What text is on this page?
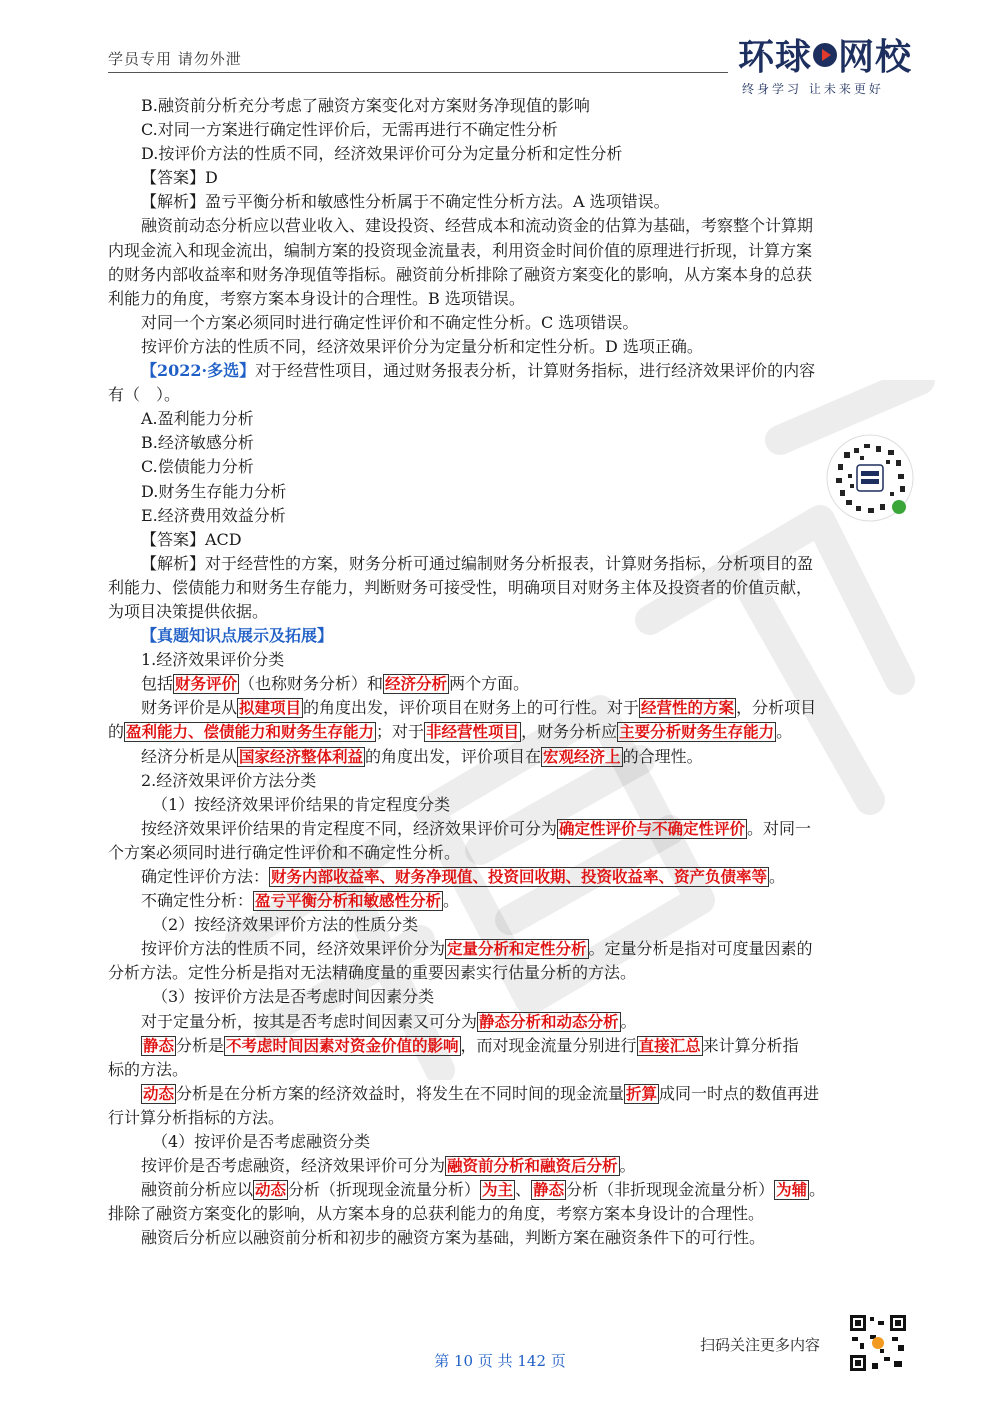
学员专用 请勿外泄	环球 网校
终身学习 让未来更好
B.融资前分析充分考虑了融资方案变化对方案财务净现值的影响
C.对同一方案进行确定性评价后，无需再进行不确定性分析
D.按评价方法的性质不同，经济效果评价可分为定量分析和定性分析
【答案】D
【解析】盈亏平衡分析和敏感性分析属于不确定性分析方法。A 选项错误。
融资前动态分析应以营业收入、建设投资、经营成本和流动资金的估算为基础，考察整个计算期
内现金流入和现金流出，编制方案的投资现金流量表，利用资金时间价值的原理进行折现，计算方案
的财务内部收益率和财务净现值等指标。融资前分析排除了融资方案变化的影响，从方案本身的总获
利能力的角度，考察方案本身设计的合理性。B 选项错误。
对同一个方案必须同时进行确定性评价和不确定性分析。C 选项错误。
按评价方法的性质不同，经济效果评价分为定量分析和定性分析。D 选项正确。
【2022·多选】对于经营性项目，通过财务报表分析，计算财务指标，进行经济效果评价的内容
有（　）。
A.盈利能力分析
B.经济敏感分析
C.偿债能力分析
D.财务生存能力分析
E.经济费用效益分析
【答案】ACD
【解析】对于经营性的方案，财务分析可通过编制财务分析报表，计算财务指标，分析项目的盈
利能力、偿债能力和财务生存能力，判断财务可接受性，明确项目对财务主体及投资者的价值贡献，
为项目决策提供依据。
【真题知识点展示及拓展】
1.经济效果评价分类
包括 财务评价 （也称财务分析）和 经济分析 两个方面。
财务评价是从 拟建项目 的角度出发，评价项目在财务上的可行性。对于 经营性的方案 ，分析项目
的 盈利能力、偿债能力和财务生存能力 ；对于 非经营性项目 ，财务分析应 主要分析财务生存能力 。
经济分析是从 国家经济整体利益 的角度出发，评价项目在 宏观经济上 的合理性。
2.经济效果评价方法分类
（1）按经济效果评价结果的肯定程度分类
按经济效果评价结果的肯定程度不同，经济效果评价可分为 确定性评价与不确定性评价 。对同一
个方案必须同时进行确定性评价和不确定性分析。
确定性评价方法： 财务内部收益率、财务净现值、投资回收期、投资收益率、资产负债率等 。
不确定性分析： 盈亏平衡分析和敏感性分析 。
（2）按经济效果评价方法的性质分类
按评价方法的性质不同，经济效果评价分为 定量分析和定性分析 。定量分析是指对可度量因素的
分析方法。定性分析是指对无法精确度量的重要因素实行估量分析的方法。
（3）按评价方法是否考虑时间因素分类
对于定量分析，按其是否考虑时间因素又可分为 静态分析和动态分析 。
静态 分析是 不考虑时间因素对资金价值的影响 ，而对现金流量分别进行 直接汇总 来计算分析指
标的方法。
动态 分析是在分析方案的经济效益时，将发生在不同时间的现金流量 折算 成同一时点的数值再进
行计算分析指标的方法。
（4）按评价是否考虑融资分类
按评价是否考虑融资，经济效果评价可分为 融资前分析和融资后分析 。
融资前分析应以 动态 分析（折现现金流量分析） 为主 、 静态 分析（非折现现金流量分析） 为辅 。
排除了融资方案变化的影响，从方案本身的总获利能力的角度，考察方案本身设计的合理性。
融资后分析应以融资前分析和初步的融资方案为基础，判断方案在融资条件下的可行性。
扫码关注更多内容
第 10 页 共 142 页
